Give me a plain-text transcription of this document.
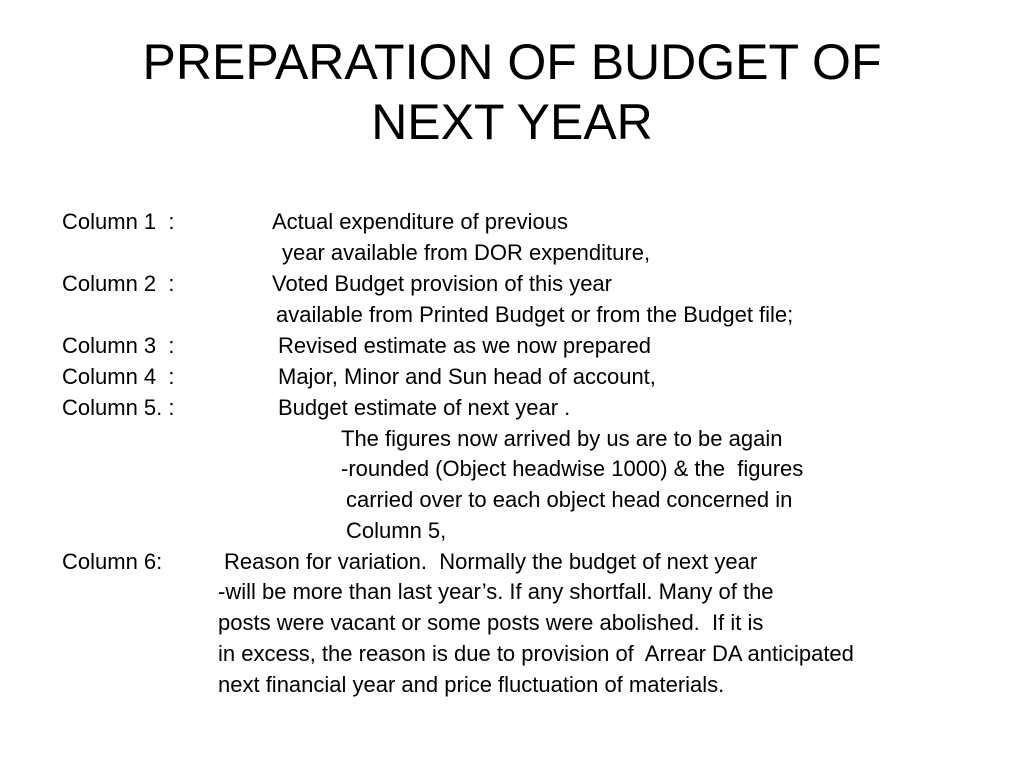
PREPARATION OF BUDGET OF
NEXT YEAR
Column 1  :	Actual expenditure of previous
year available from DOR expenditure,
Column 2  :	Voted Budget provision of this year
available from Printed Budget or from the Budget file;
Column 3  :	Revised estimate as we now prepared
Column 4  :	Major, Minor and Sun head of account,
Column 5. :	Budget estimate of next year .
The figures now arrived by us are to be again
-rounded (Object headwise 1000) & the  figures
carried over to each object head concerned in
Column 5,
Column 6:	Reason for variation.  Normally the budget of next year
-will be more than last year’s. If any shortfall. Many of the
posts were vacant or some posts were abolished.  If it is
in excess, the reason is due to provision of  Arrear DA anticipated
next financial year and price fluctuation of materials.
